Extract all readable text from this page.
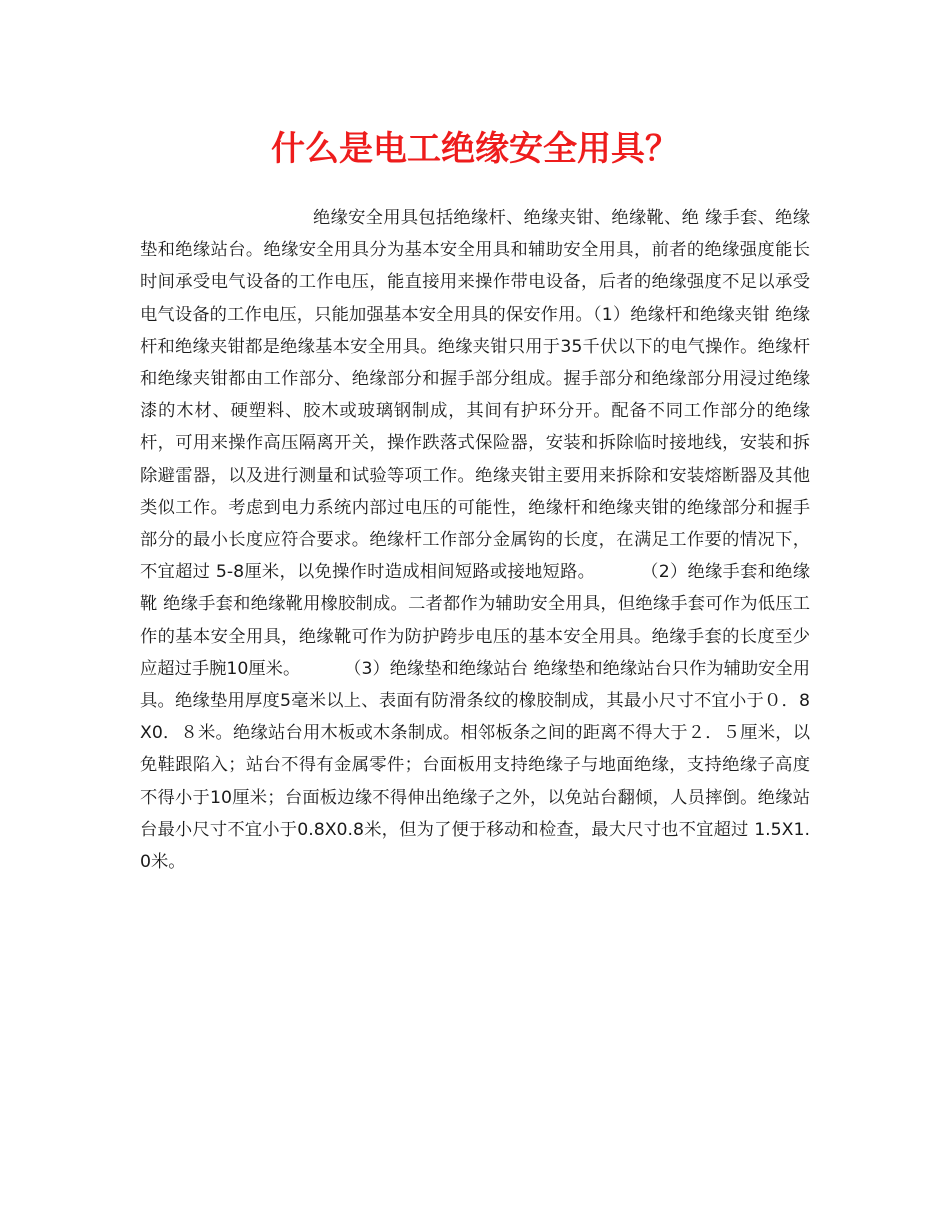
什么是电工绝缘安全用具？

绝缘安全用具包括绝缘杆、绝缘夹钳、绝缘靴、绝 缘手套、绝缘垫和绝缘站台。绝缘安全用具分为基本安全用具和辅助安全用具，前者的绝缘强度能长时间承受电气设备的工作电压，能直接用来操作带电设备，后者的绝缘强度不足以承受电气设备的工作电压，只能加强基本安全用具的保安作用。（1）绝缘杆和绝缘夹钳 绝缘杆和绝缘夹钳都是绝缘基本安全用具。绝缘夹钳只用于35千伏以下的电气操作。绝缘杆和绝缘夹钳都由工作部分、绝缘部分和握手部分组成。握手部分和绝缘部分用浸过绝缘漆的木材、硬塑料、胶木或玻璃钢制成，其间有护环分开。配备不同工作部分的绝缘杆，可用来操作高压隔离开关，操作跌落式保险器，安装和拆除临时接地线，安装和拆除避雷器，以及进行测量和试验等项工作。绝缘夹钳主要用来拆除和安装熔断器及其他类似工作。考虑到电力系统内部过电压的可能性，绝缘杆和绝缘夹钳的绝缘部分和握手部分的最小长度应符合要求。绝缘杆工作部分金属钩的长度，在满足工作要的情况下，不宜超过 5-8厘米，以免操作时造成相间短路或接地短路。        （2）绝缘手套和绝缘靴 绝缘手套和绝缘靴用橡胶制成。二者都作为辅助安全用具，但绝缘手套可作为低压工作的基本安全用具，绝缘靴可作为防护跨步电压的基本安全用具。绝缘手套的长度至少应超过手腕10厘米。        （3）绝缘垫和绝缘站台 绝缘垫和绝缘站台只作为辅助安全用具。绝缘垫用厚度5毫米以上、表面有防滑条纹的橡胶制成，其最小尺寸不宜小于０．8X0．８米。绝缘站台用木板或木条制成。相邻板条之间的距离不得大于２．５厘米，以免鞋跟陷入；站台不得有金属零件；台面板用支持绝缘子与地面绝缘，支持绝缘子高度不得小于10厘米；台面板边缘不得伸出绝缘子之外，以免站台翻倾，人员摔倒。绝缘站台最小尺寸不宜小于0.8X0.8米，但为了便于移动和检查，最大尺寸也不宜超过 1.5X1.0米。
